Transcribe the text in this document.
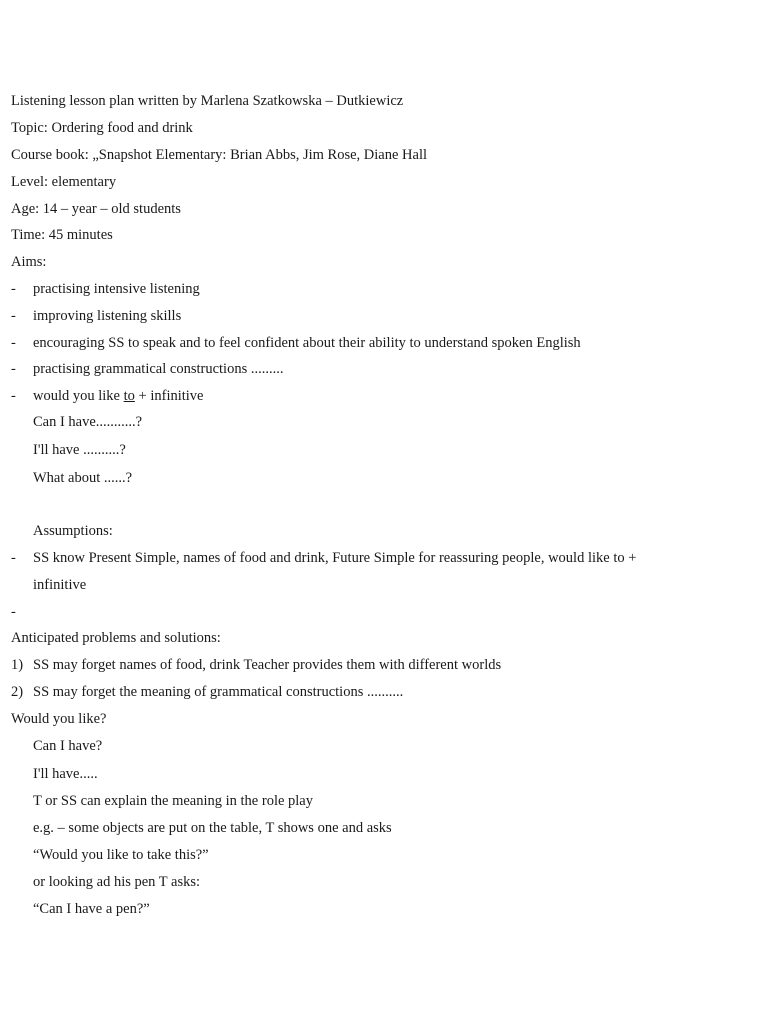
Listening lesson plan written by Marlena Szatkowska – Dutkiewicz
Topic: Ordering food and drink
Course book: „Snapshot Elementary: Brian Abbs, Jim Rose, Diane Hall
Level: elementary
Age: 14 – year – old students
Time: 45 minutes
Aims:
- practising intensive listening
- improving listening skills
- encouraging SS to speak and to feel confident about their ability to understand spoken English
- practising grammatical constructions .........
- would you like to + infinitive
Can I have...........?
I'll have ..........?
What about ......?
Assumptions:
- SS know Present Simple, names of food and drink, Future Simple for reassuring people, would like to +
infinitive
-
Anticipated problems and solutions:
1) SS may forget names of food, drink Teacher provides them with different worlds
2) SS may forget the meaning of grammatical constructions ..........
Would you like?
Can I have?
I'll have.....
T or SS can explain the meaning in the role play
e.g. – some objects are put on the table, T shows one and asks
“Would you like to take this?”
or looking ad his pen T asks:
“Can I have a pen?”
